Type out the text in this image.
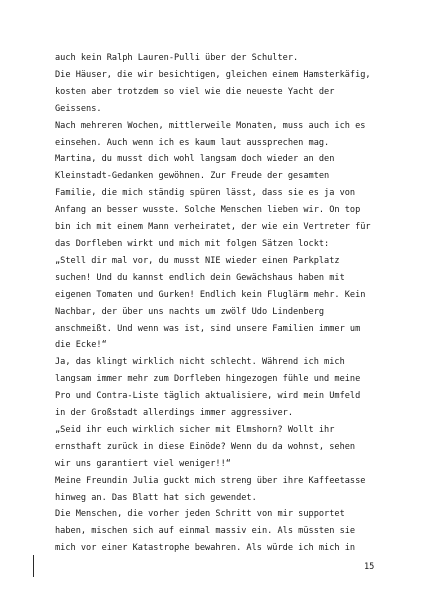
auch kein Ralph Lauren-Pulli über der Schulter.

Die Häuser, die wir besichtigen, gleichen einem Hamsterkäfig, kosten aber trotzdem so viel wie die neueste Yacht der Geissens.

Nach mehreren Wochen, mittlerweile Monaten, muss auch ich es einsehen. Auch wenn ich es kaum laut aussprechen mag. Martina, du musst dich wohl langsam doch wieder an den Kleinstadt-Gedanken gewöhnen. Zur Freude der gesamten Familie, die mich ständig spüren lässt, dass sie es ja von Anfang an besser wusste. Solche Menschen lieben wir. On top bin ich mit einem Mann verheiratet, der wie ein Vertreter für das Dorfleben wirkt und mich mit folgen Sätzen lockt:

„Stell dir mal vor, du musst NIE wieder einen Parkplatz suchen! Und du kannst endlich dein Gewächshaus haben mit eigenen Tomaten und Gurken! Endlich kein Fluglärm mehr. Kein Nachbar, der über uns nachts um zwölf Udo Lindenberg anschmeißt. Und wenn was ist, sind unsere Familien immer um die Ecke!“

Ja, das klingt wirklich nicht schlecht. Während ich mich langsam immer mehr zum Dorfleben hingezogen fühle und meine Pro und Contra-Liste täglich aktualisiere, wird mein Umfeld in der Großstadt allerdings immer aggressiver.

„Seid ihr euch wirklich sicher mit Elmshorn? Wollt ihr ernsthaft zurück in diese Einöde? Wenn du da wohnst, sehen wir uns garantiert viel weniger!!“

Meine Freundin Julia guckt mich streng über ihre Kaffeetasse hinweg an. Das Blatt hat sich gewendet.

Die Menschen, die vorher jeden Schritt von mir supportet haben, mischen sich auf einmal massiv ein. Als müssten sie mich vor einer Katastrophe bewahren. Als würde ich mich in

15
